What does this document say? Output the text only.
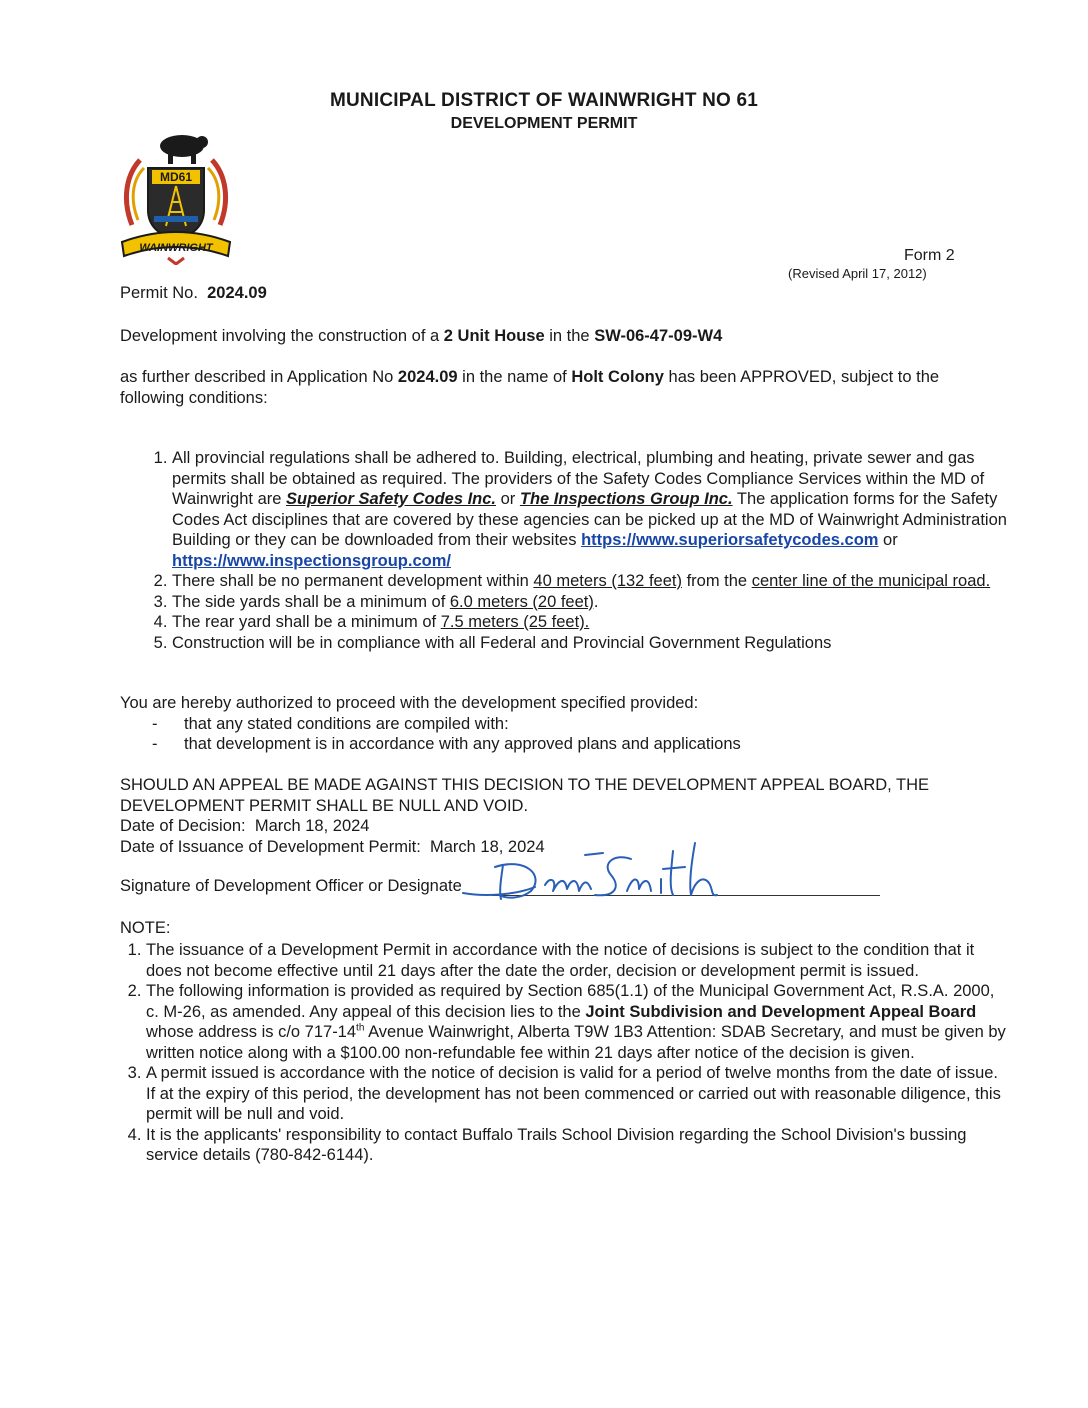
MUNICIPAL DISTRICT OF WAINWRIGHT NO 61
DEVELOPMENT PERMIT
MD61
WAINWRIGHT	Form 2
(Revised April 17, 2012)
Permit No. 2024.09

Development involving the construction of a 2 Unit House in the SW-06-47-09-W4

as further described in Application No 2024.09 in the name of Holt Colony has been APPROVED, subject to the following conditions:

1. All provincial regulations shall be adhered to. Building, electrical, plumbing and heating, private sewer and gas permits shall be obtained as required. The providers of the Safety Codes Compliance Services within the MD of Wainwright are Superior Safety Codes Inc. or The Inspections Group Inc. The application forms for the Safety Codes Act disciplines that are covered by these agencies can be picked up at the MD of Wainwright Administration Building or they can be downloaded from their websites https://www.superiorsafetycodes.com or https://www.inspectionsgroup.com/
2. There shall be no permanent development within 40 meters (132 feet) from the center line of the municipal road.
3. The side yards shall be a minimum of 6.0 meters (20 feet).
4. The rear yard shall be a minimum of 7.5 meters (25 feet).
5. Construction will be in compliance with all Federal and Provincial Government Regulations

You are hereby authorized to proceed with the development specified provided:

- that any stated conditions are compiled with:
- that development is in accordance with any approved plans and applications

SHOULD AN APPEAL BE MADE AGAINST THIS DECISION TO THE DEVELOPMENT APPEAL BOARD, THE DEVELOPMENT PERMIT SHALL BE NULL AND VOID.

Date of Decision: March 18, 2024

Date of Issuance of Development Permit: March 18, 2024

Signature of Development Officer or Designate
NOTE:
1. The issuance of a Development Permit in accordance with the notice of decisions is subject to the condition that it does not become effective until 21 days after the date the order, decision or development permit is issued.
2. The following information is provided as required by Section 685(1.1) of the Municipal Government Act, R.S.A. 2000, c. M-26, as amended. Any appeal of this decision lies to the Joint Subdivision and Development Appeal Board whose address is c/o 717-14th Avenue Wainwright, Alberta T9W 1B3 Attention: SDAB Secretary, and must be given by written notice along with a $100.00 non-refundable fee within 21 days after notice of the decision is given.
3. A permit issued is accordance with the notice of decision is valid for a period of twelve months from the date of issue. If at the expiry of this period, the development has not been commenced or carried out with reasonable diligence, this permit will be null and void.
4. It is the applicants' responsibility to contact Buffalo Trails School Division regarding the School Division's bussing service details (780-842-6144).
